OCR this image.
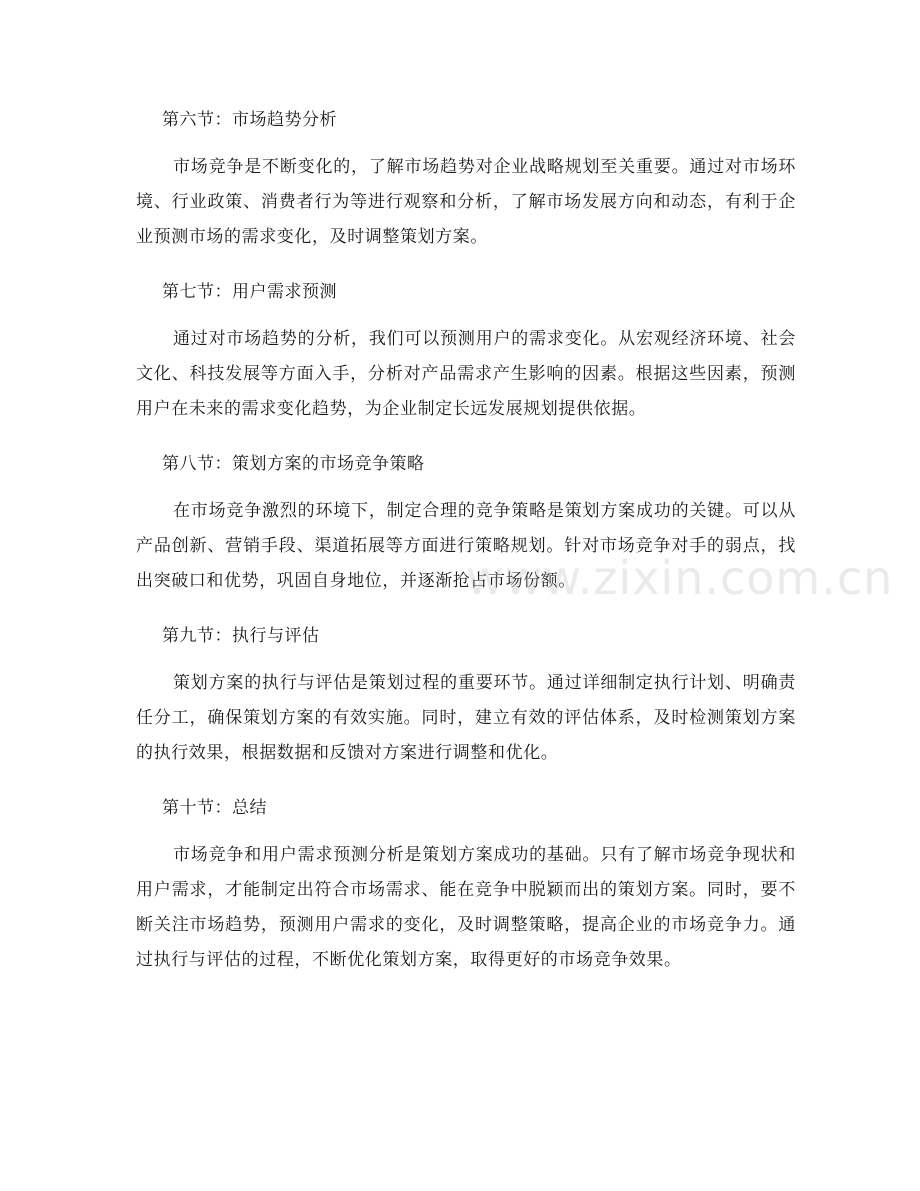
第六节：市场趋势分析

市场竞争是不断变化的，了解市场趋势对企业战略规划至关重要。通过对市场环境、行业政策、消费者行为等进行观察和分析，了解市场发展方向和动态，有利于企业预测市场的需求变化，及时调整策划方案。

第七节：用户需求预测

通过对市场趋势的分析，我们可以预测用户的需求变化。从宏观经济环境、社会文化、科技发展等方面入手，分析对产品需求产生影响的因素。根据这些因素，预测用户在未来的需求变化趋势，为企业制定长远发展规划提供依据。

第八节：策划方案的市场竞争策略

在市场竞争激烈的环境下，制定合理的竞争策略是策划方案成功的关键。可以从产品创新、营销手段、渠道拓展等方面进行策略规划。针对市场竞争对手的弱点，找出突破口和优势，巩固自身地位，并逐渐抢占市场份额。

第九节：执行与评估

策划方案的执行与评估是策划过程的重要环节。通过详细制定执行计划、明确责任分工，确保策划方案的有效实施。同时，建立有效的评估体系，及时检测策划方案的执行效果，根据数据和反馈对方案进行调整和优化。

第十节：总结

市场竞争和用户需求预测分析是策划方案成功的基础。只有了解市场竞争现状和用户需求，才能制定出符合市场需求、能在竞争中脱颖而出的策划方案。同时，要不断关注市场趋势，预测用户需求的变化，及时调整策略，提高企业的市场竞争力。通过执行与评估的过程，不断优化策划方案，取得更好的市场竞争效果。

www.zixin.com.cn
